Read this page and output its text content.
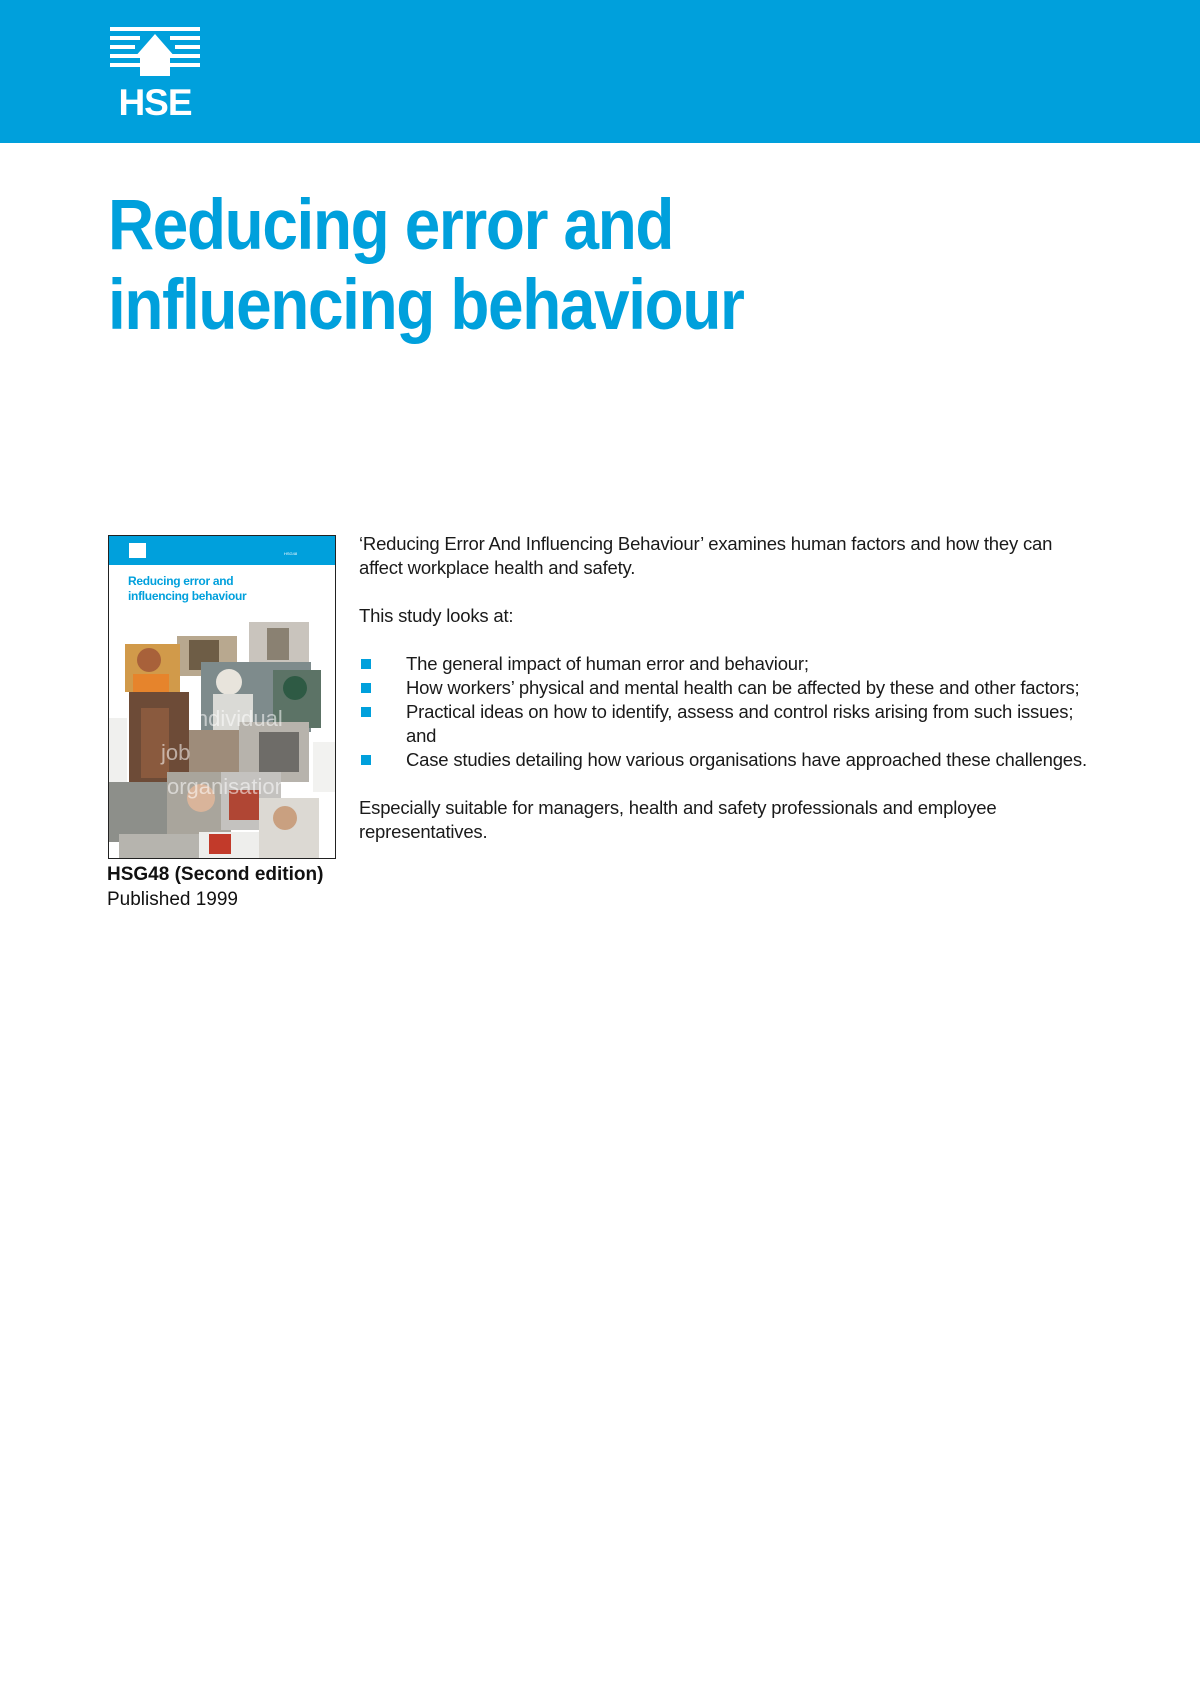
HSE
Reducing error and
influencing behaviour
HSG48
Reducing error and
influencing behaviour
individual
job
organisation
HSG48 (Second edition)
Published 1999

‘Reducing Error And Influencing Behaviour’ examines human factors and how they can affect workplace health and safety.

This study looks at:

The general impact of human error and behaviour;
How workers’ physical and mental health can be affected by these and other factors;
Practical ideas on how to identify, assess and control risks arising from such issues; and
Case studies detailing how various organisations have approached these challenges.

Especially suitable for managers, health and safety professionals and employee representatives.
